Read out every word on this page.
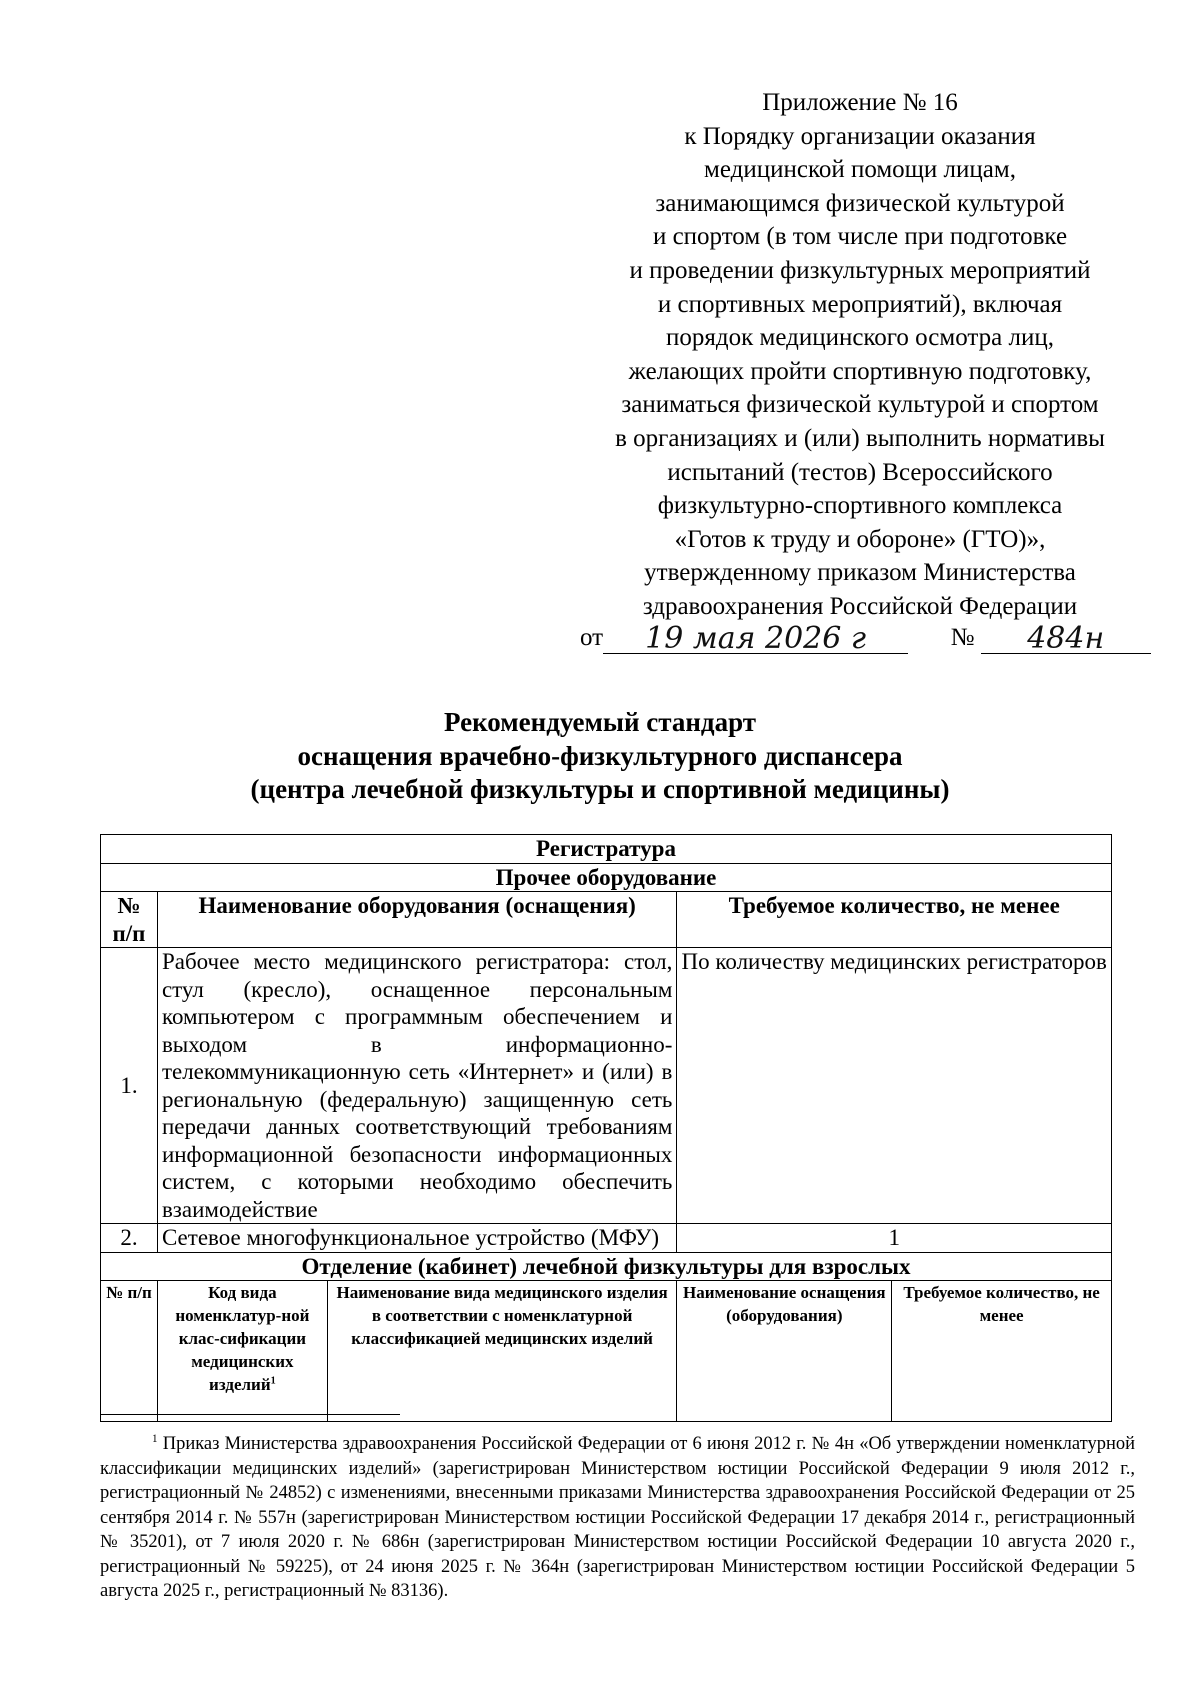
Приложение № 16
к Порядку организации оказания
медицинской помощи лицам,
занимающимся физической культурой
и спортом (в том числе при подготовке
и проведении физкультурных мероприятий
и спортивных мероприятий), включая
порядок медицинского осмотра лиц,
желающих пройти спортивную подготовку,
заниматься физической культурой и спортом
в организациях и (или) выполнить нормативы
испытаний (тестов) Всероссийского
физкультурно-спортивного комплекса
«Готов к труду и обороне» (ГТО)»,
утвержденному приказом Министерства
здравоохранения Российской Федерации
от 19 мая 2026 г	№ 484н
Рекомендуемый стандарт
оснащения врачебно-физкультурного диспансера
(центра лечебной физкультуры и спортивной медицины)
Регистратура				
Прочее оборудование				
№ п/п	Наименование оборудования (оснащения)		Требуемое количество, не менее	
1.	Рабочее место медицинского регистратора: стол, стул (кресло), оснащенное персональным компьютером с программным обеспечением и выходом в информационно-телекоммуникационную сеть «Интернет» и (или) в региональную (федеральную) защищенную сеть передачи данных соответствующий требованиям информационной безопасности информационных систем, с которыми необходимо обеспечить взаимодействие		По количеству медицинских регистраторов	
2.	Сетевое многофункциональное устройство (МФУ)		1	
Отделение (кабинет) лечебной физкультуры для взрослых				
№ п/п	Код вида номенклатур-ной клас-сификации медицинских изделий$^1$	Наименование вида медицинского изделия в соответствии с номенклатурной классификацией медицинских изделий	Наименование оснащения (оборудования)	Требуемое количество, не менее
$^1$ Приказ Министерства здравоохранения Российской Федерации от 6 июня 2012 г. № 4н «Об утверждении номенклатурной классификации медицинских изделий» (зарегистрирован Министерством юстиции Российской Федерации 9 июля 2012 г., регистрационный № 24852) с изменениями, внесенными приказами Министерства здравоохранения Российской Федерации от 25 сентября 2014 г. № 557н (зарегистрирован Министерством юстиции Российской Федерации 17 декабря 2014 г., регистрационный № 35201), от 7 июля 2020 г. № 686н (зарегистрирован Министерством юстиции Российской Федерации 10 августа 2020 г., регистрационный № 59225), от 24 июня 2025 г. № 364н (зарегистрирован Министерством юстиции Российской Федерации 5 августа 2025 г., регистрационный № 83136).
